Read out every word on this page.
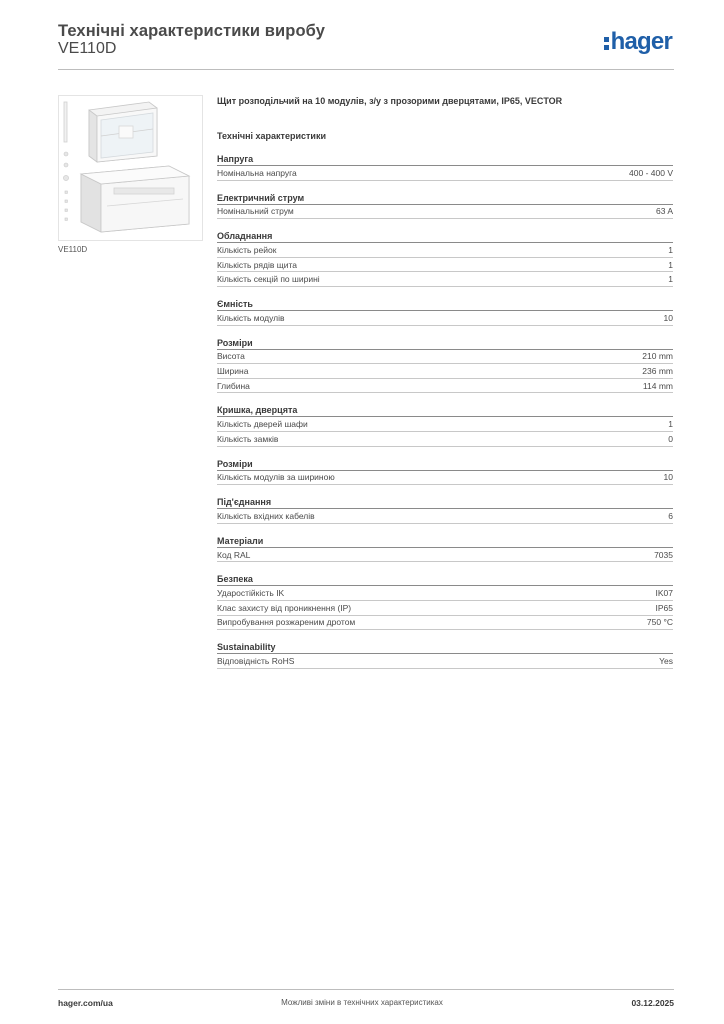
Технічні характеристики виробу
VE110D	hager
VE110D
Щит розподільчий на 10 модулів, з/у з прозорими дверцятами, IP65, VECTOR
Технічні характеристики
Напруга
Номінальна напруга	400 - 400 V
Електричний струм
Номінальний струм	63 A
Обладнання
Кількість рейок	1
Кількість рядів щита	1
Кількість секцій по ширині	1
Ємність
Кількість модулів	10
Розміри
Висота	210 mm
Ширина	236 mm
Глибина	114 mm
Кришка, дверцята
Кількість дверей шафи	1
Кількість замків	0
Розміри
Кількість модулів за шириною	10
Під'єднання
Кількість вхідних кабелів	6
Матеріали
Код RAL	7035
Безпека
Ударостійкість IK	IK07
Клас захисту від проникнення (IP)	IP65
Випробування розжареним дротом	750 °C
Sustainability
Відповідність RoHS	Yes
hager.com/ua	Можливі зміни в технічних характеристиках	03.12.2025
